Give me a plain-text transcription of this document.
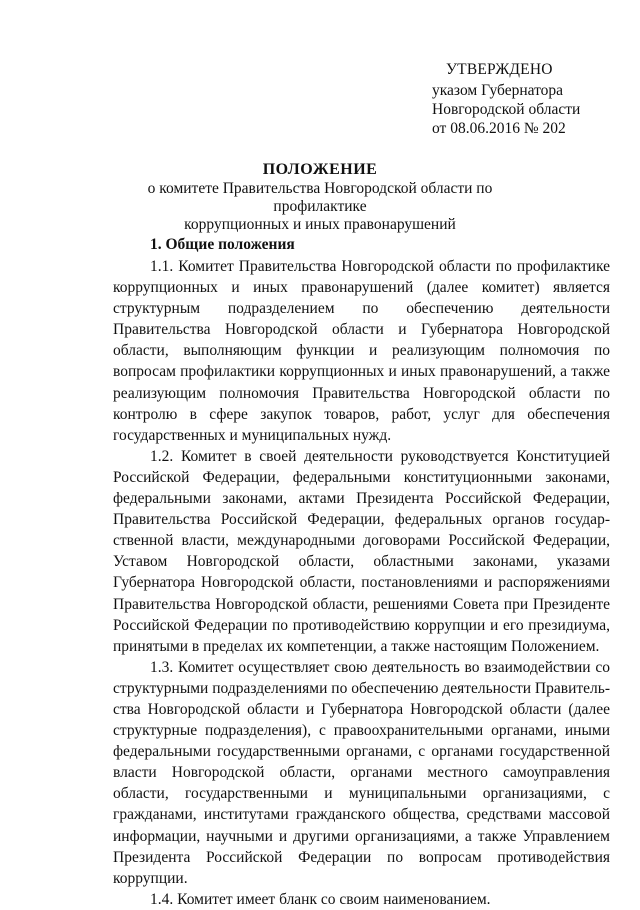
УТВЕРЖДЕНО
указом Губернатора
Новгородской области
от 08.06.2016 № 202
ПОЛОЖЕНИЕ
о комитете Правительства Новгородской области по профилактике
коррупционных и иных правонарушений
1. Общие положения

1.1. Комитет Правительства Новгородской области по профилактике коррупционных и иных правонарушений (далее комитет) является структурным подразделением по обеспечению деятельности Правительства Новгородской области и Губернатора Новгородской области, выполняющим функции и реализующим полномочия по вопросам профилактики коррупционных и иных правонарушений, а также реализующим полномочия Правительства Новгородской области по контролю в сфере закупок товаров, работ, услуг для обеспечения государственных и муниципальных нужд.

1.2. Комитет в своей деятельности руководствуется Конституцией Российской Федерации, федеральными конституционными законами, федеральными законами, актами Президента Российской Федерации, Правительства Российской Федерации, федеральных органов государственной власти, международными договорами Российской Федерации, Уставом Новгородской области, областными законами, указами Губернатора Новгородской области, постановлениями и распоряжениями Правительства Новгородской области, решениями Совета при Президенте Российской Федерации по противодействию коррупции и его президиума, принятыми в пределах их компетенции, а также настоящим Положением.

1.3. Комитет осуществляет свою деятельность во взаимодействии со структурными подразделениями по обеспечению деятельности Правительства Новгородской области и Губернатора Новгородской области (далее структурные подразделения), с правоохранительными органами, иными федеральными государственными органами, с органами государственной власти Новгородской области, органами местного самоуправления области, государственными и муниципальными организациями, с гражданами, институтами гражданского общества, средствами массовой информации, научными и другими организациями, а также Управлением Президента Российской Федерации по вопросам противодействия коррупции.

1.4. Комитет имеет бланк со своим наименованием.
